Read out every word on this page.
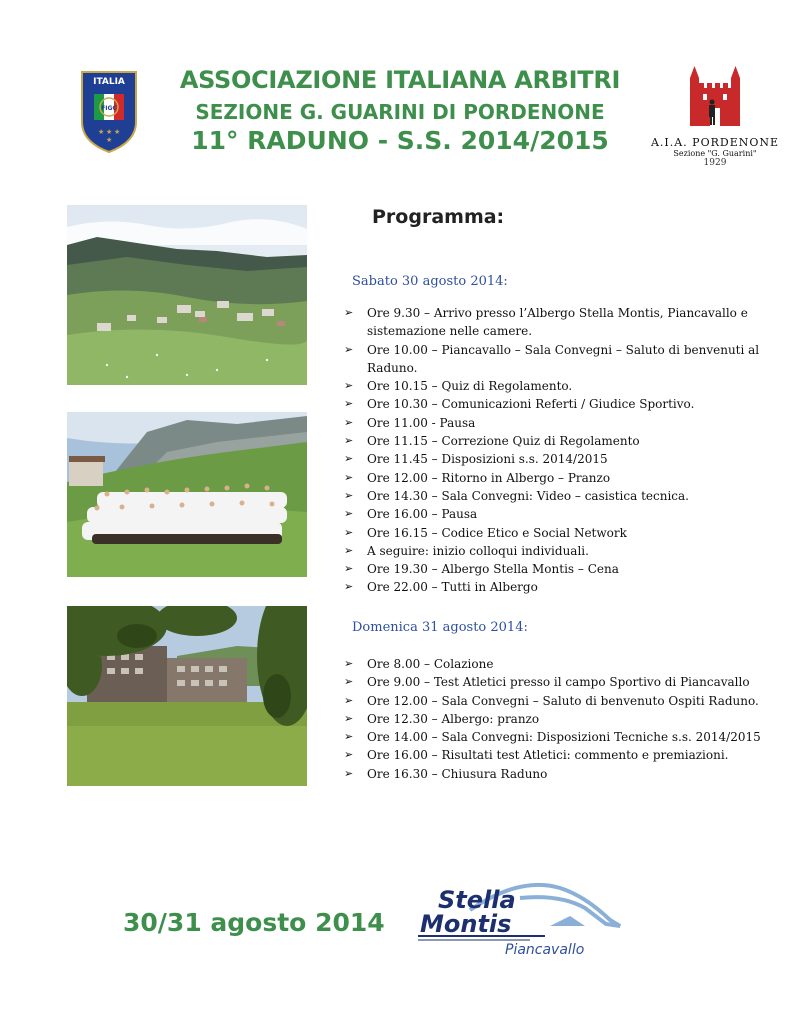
ASSOCIAZIONE ITALIANA ARBITRI
SEZIONE G. GUARINI DI PORDENONE
11° RADUNO - S.S. 2014/2015
ITALIA
FIGC
★ ★ ★
★	A.I.A. PORDENONE
Sezione "G. Guarini"
1929
Programma:
Sabato 30 agosto 2014:
➢ Ore 9.30 – Arrivo presso l’Albergo Stella Montis, Piancavallo e sistemazione nelle camere.
➢ Ore 10.00 – Piancavallo – Sala Convegni – Saluto di benvenuti al Raduno.
➢ Ore 10.15 – Quiz di Regolamento.
➢ Ore 10.30 – Comunicazioni Referti / Giudice Sportivo.
➢ Ore 11.00 - Pausa
➢ Ore 11.15 – Correzione Quiz di Regolamento
➢ Ore 11.45 – Disposizioni s.s. 2014/2015
➢ Ore 12.00 – Ritorno in Albergo – Pranzo
➢ Ore 14.30 – Sala Convegni: Video – casistica tecnica.
➢ Ore 16.00 – Pausa
➢ Ore 16.15 – Codice Etico e Social Network
➢ A seguire: inizio colloqui individuali.
➢ Ore 19.30 – Albergo Stella Montis – Cena
➢ Ore 22.00 – Tutti in Albergo
Domenica 31 agosto 2014:
➢ Ore 8.00 – Colazione
➢ Ore 9.00 – Test Atletici presso il campo Sportivo di Piancavallo
➢ Ore 12.00 – Sala Convegni – Saluto di benvenuto Ospiti Raduno.
➢ Ore 12.30 – Albergo: pranzo
➢ Ore 14.00 – Sala Convegni: Disposizioni Tecniche s.s. 2014/2015
➢ Ore 16.00 – Risultati test Atletici: commento e premiazioni.
➢ Ore 16.30 – Chiusura Raduno
30/31 agosto 2014
Stella
Montis
Piancavallo
